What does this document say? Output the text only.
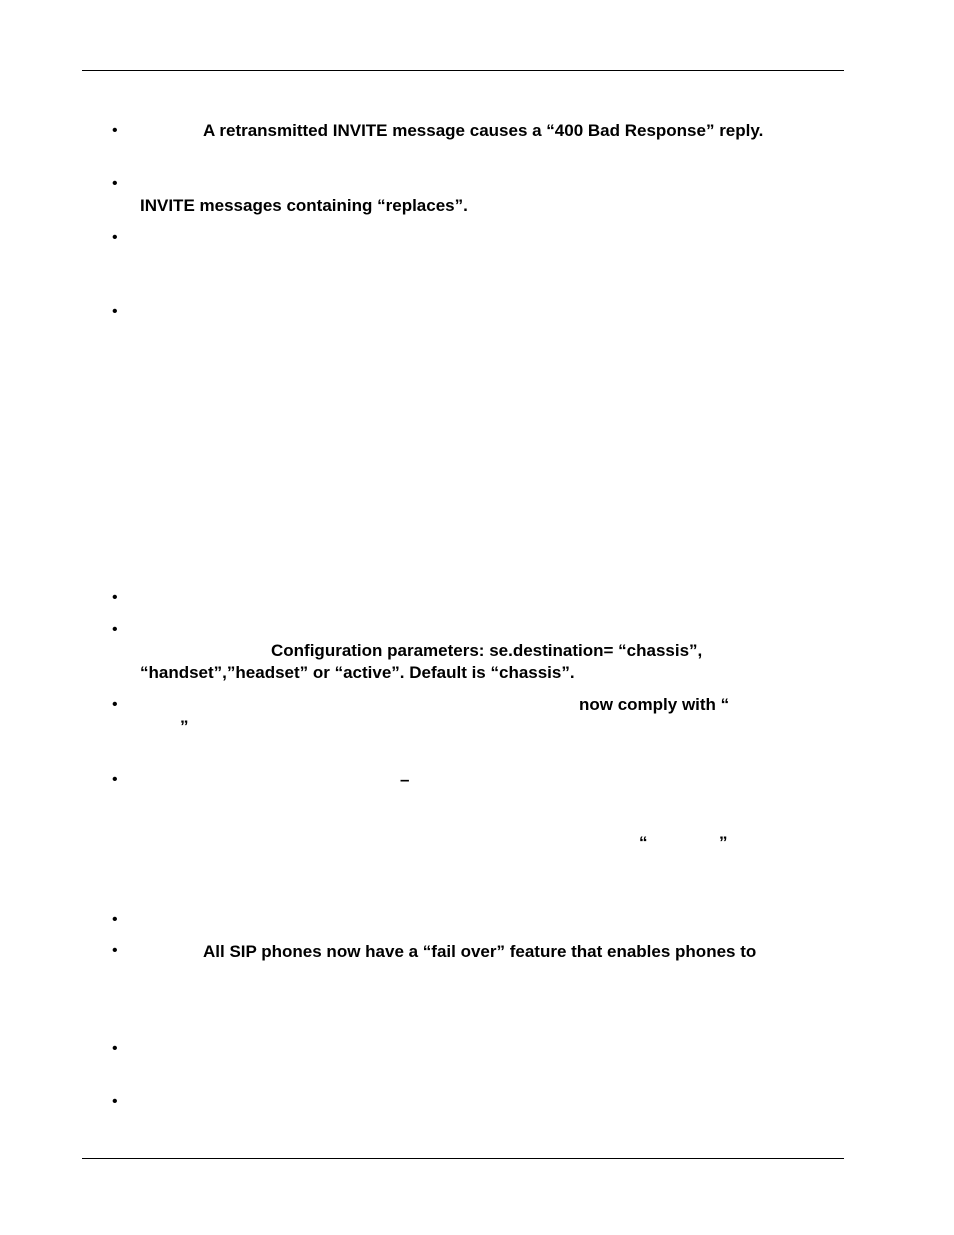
•
•
•
•
•
•
•
•
•
•
•
•
A retransmitted INVITE message causes a “400 Bad Response” reply.
INVITE messages containing “replaces”.
Configuration parameters: se.destination= “chassis”,
“handset”,”headset” or “active”. Default is “chassis”.
now comply with “
”
–
“	”
All SIP phones now have a “fail over” feature that enables phones to
